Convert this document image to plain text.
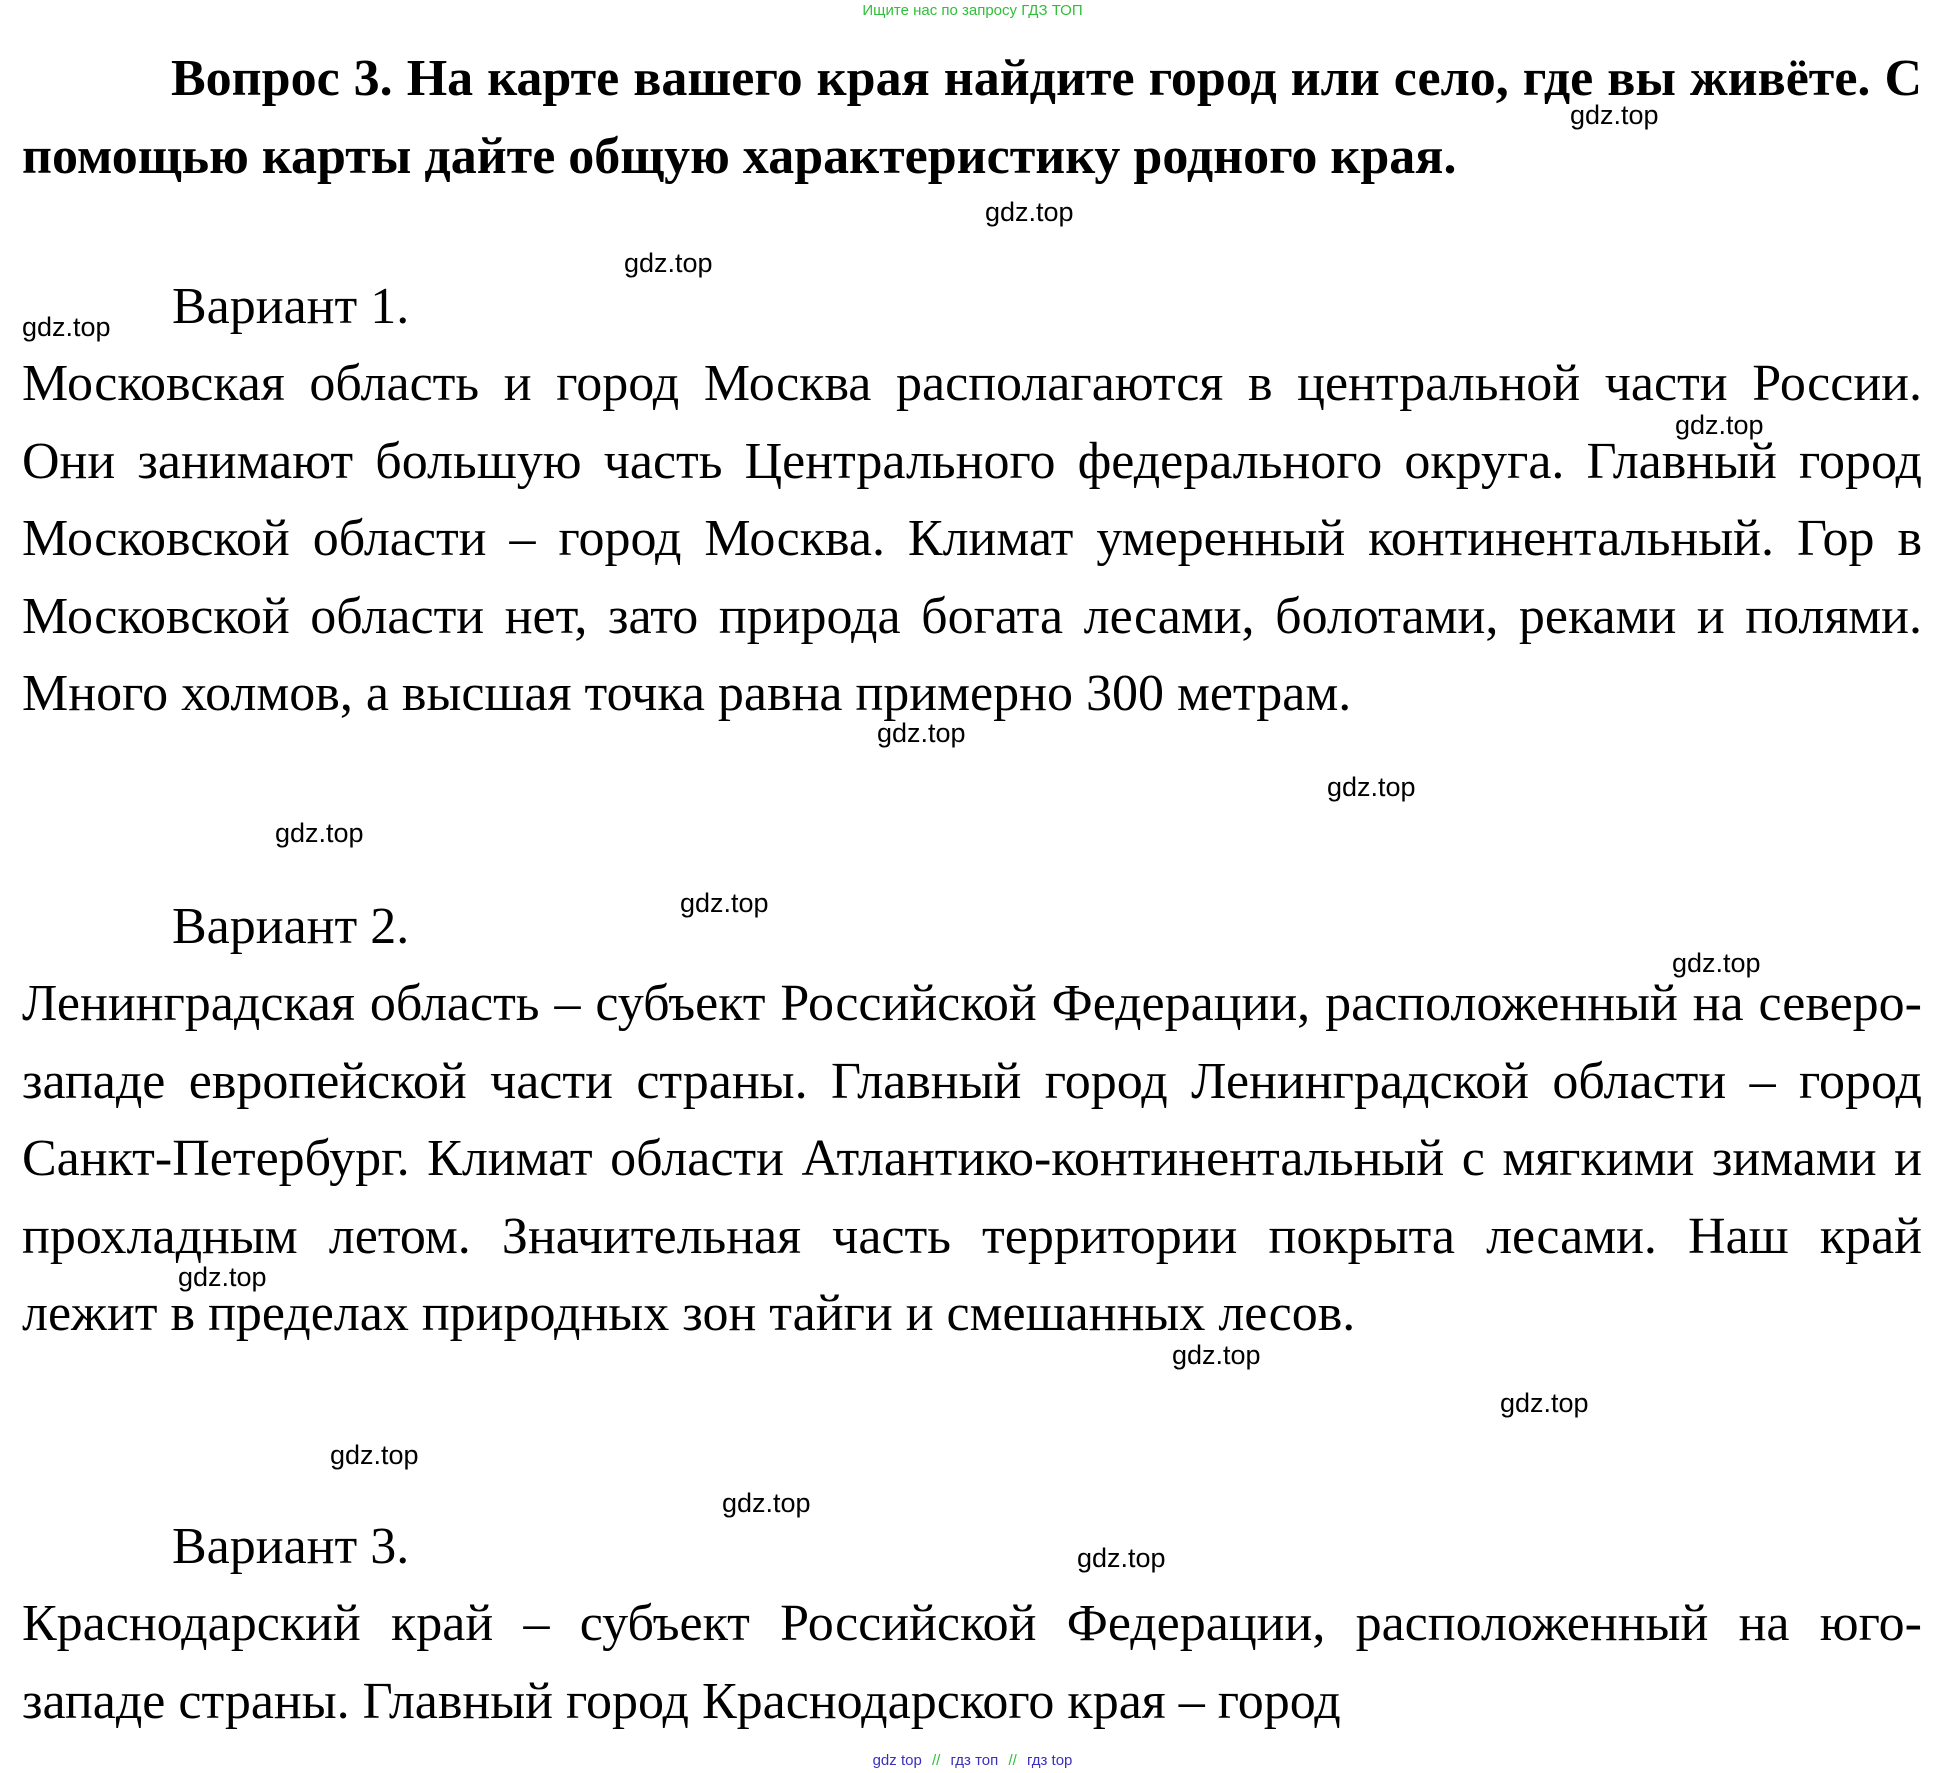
Ищите нас по запросу ГДЗ ТОП

Вопрос 3. На карте вашего края найдите город или село, где вы живёте. С помощью карты дайте общую характеристику родного края.

Вариант 1.

Московская область и город Москва располагаются в центральной части России. Они занимают большую часть Центрального федерального округа. Главный город Московской области – город Москва. Климат умеренный континентальный. Гор в Московской области нет, зато природа богата лесами, болотами, реками и полями. Много холмов, а высшая точка равна примерно 300 метрам.

Вариант 2.

Ленинградская область – субъект Российской Федерации, расположенный на северо-западе европейской части страны. Главный город Ленинградской области – город Санкт-Петербург. Климат области Атлантико-континентальный с мягкими зимами и прохладным летом. Значительная часть территории покрыта лесами. Наш край лежит в пределах природных зон тайги и смешанных лесов.

Вариант 3.

Краснодарский край – субъект Российской Федерации, расположенный на юго-западе страны. Главный город Краснодарского края – город

gdz.top
gdz.top
gdz.top
gdz.top
gdz.top
gdz.top
gdz.top
gdz.top
gdz.top
gdz.top
gdz.top
gdz.top
gdz.top
gdz.top
gdz.top
gdz.top
gdz top // гдз топ // гдз top
